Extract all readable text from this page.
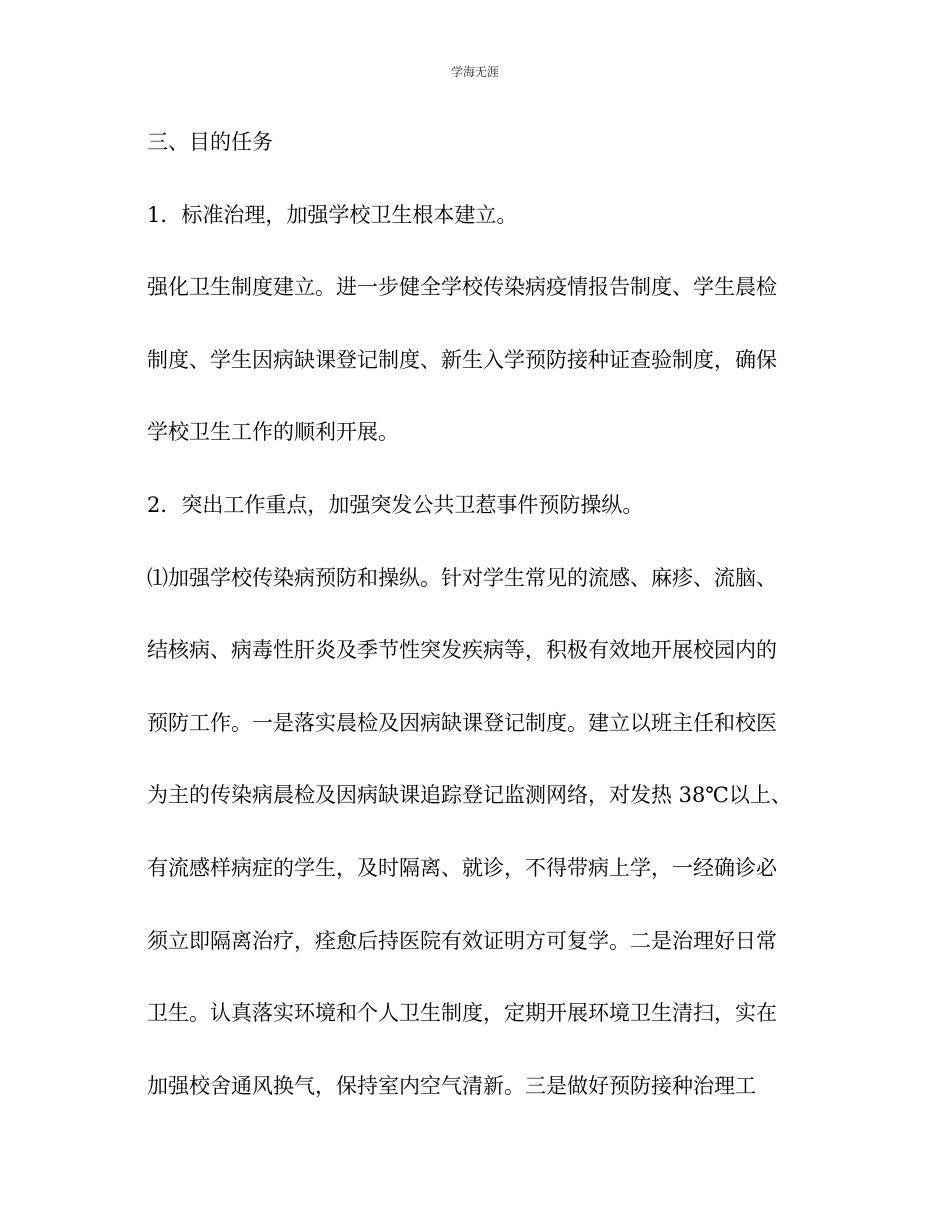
学海无涯
三、目的任务
1．标准治理，加强学校卫生根本建立。
强化卫生制度建立。进一步健全学校传染病疫情报告制度、学生晨检
制度、学生因病缺课登记制度、新生入学预防接种证查验制度，确保
学校卫生工作的顺利开展。
2．突出工作重点，加强突发公共卫惹事件预防操纵。
⑴加强学校传染病预防和操纵。针对学生常见的流感、麻疹、流脑、
结核病、病毒性肝炎及季节性突发疾病等，积极有效地开展校园内的
预防工作。一是落实晨检及因病缺课登记制度。建立以班主任和校医
为主的传染病晨检及因病缺课追踪登记监测网络，对发热 38℃以上、
有流感样病症的学生，及时隔离、就诊，不得带病上学，一经确诊必
须立即隔离治疗，痊愈后持医院有效证明方可复学。二是治理好日常
卫生。认真落实环境和个人卫生制度，定期开展环境卫生清扫，实在
加强校舍通风换气，保持室内空气清新。三是做好预防接种治理工
